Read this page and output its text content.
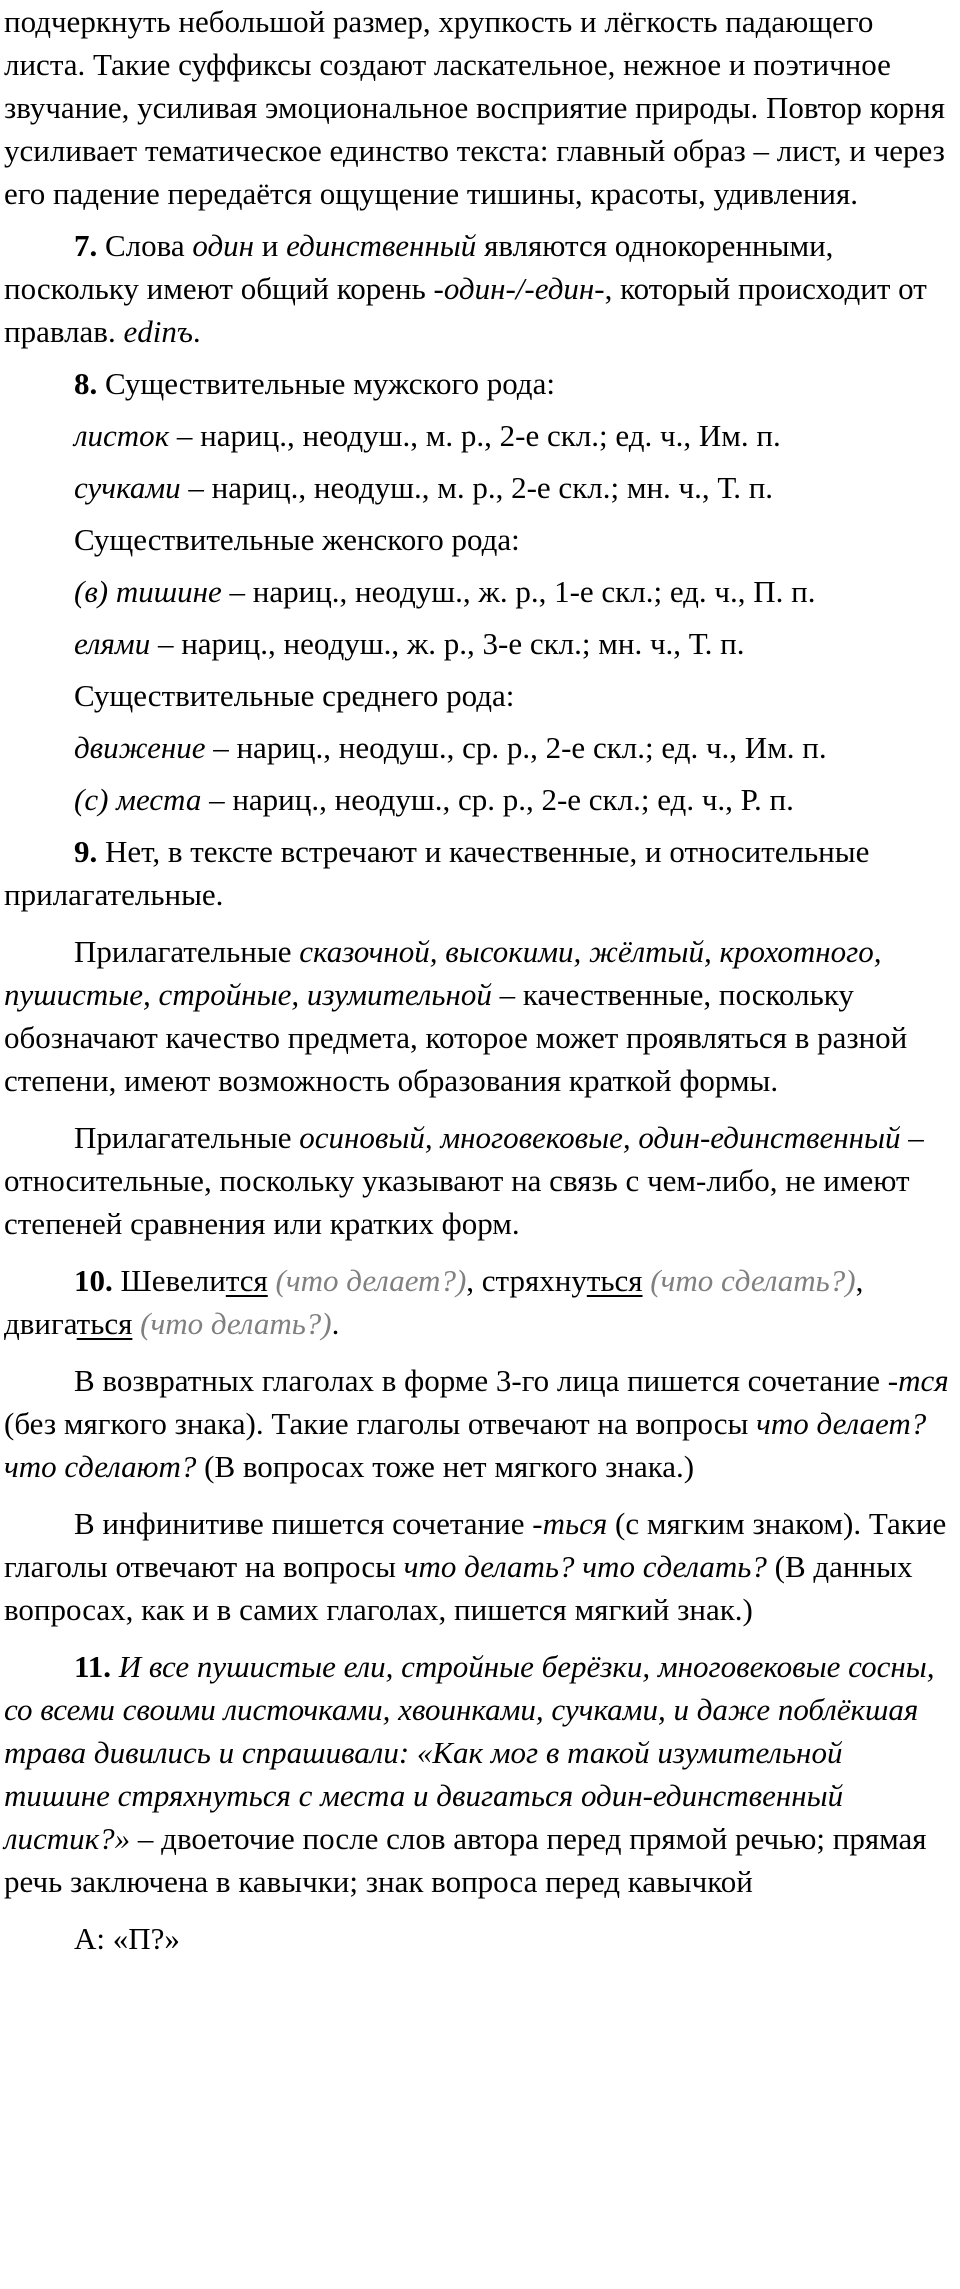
подчеркнуть небольшой размер, хрупкость и лёгкость падающего листа. Такие суффиксы создают ласкательное, нежное и поэтичное звучание, усиливая эмоциональное восприятие природы. Повтор корня усиливает тематическое единство текста: главный образ – лист, и через его падение передаётся ощущение тишины, красоты, удивления.

7. Слова один и единственный являются однокоренными, поскольку имеют общий корень -один-/-един-, который происходит от правлав. edinъ.

8. Существительные мужского рода:

листок – нариц., неодуш., м. р., 2-е скл.; ед. ч., Им. п.

сучками – нариц., неодуш., м. р., 2-е скл.; мн. ч., Т. п.

Существительные женского рода:

(в) тишине – нариц., неодуш., ж. р., 1-е скл.; ед. ч., П. п.

елями – нариц., неодуш., ж. р., 3-е скл.; мн. ч., Т. п.

Существительные среднего рода:

движение – нариц., неодуш., ср. р., 2-е скл.; ед. ч., Им. п.

(с) места – нариц., неодуш., ср. р., 2-е скл.; ед. ч., Р. п.

9. Нет, в тексте встречают и качественные, и относительные прилагательные.

Прилагательные сказочной, высокими, жёлтый, крохотного, пушистые, стройные, изумительной – качественные, поскольку обозначают качество предмета, которое может проявляться в разной степени, имеют возможность образования краткой формы.

Прилагательные осиновый, многовековые, один-единственный – относительные, поскольку указывают на связь с чем-либо, не имеют степеней сравнения или кратких форм.

10. Шевелится (что делает?), стряхнуться (что сделать?), двигаться (что делать?).

В возвратных глаголах в форме 3-го лица пишется сочетание -тся (без мягкого знака). Такие глаголы отвечают на вопросы что делает? что сделают? (В вопросах тоже нет мягкого знака.)

В инфинитиве пишется сочетание -ться (с мягким знаком). Такие глаголы отвечают на вопросы что делать? что сделать? (В данных вопросах, как и в самих глаголах, пишется мягкий знак.)

11. И все пушистые ели, стройные берёзки, многовековые сосны, со всеми своими листочками, хвоинками, сучками, и даже поблёкшая трава дивились и спрашивали: «Как мог в такой изумительной тишине стряхнуться с места и двигаться один-единственный листик?» – двоеточие после слов автора перед прямой речью; прямая речь заключена в кавычки; знак вопроса перед кавычкой

А: «П?»
